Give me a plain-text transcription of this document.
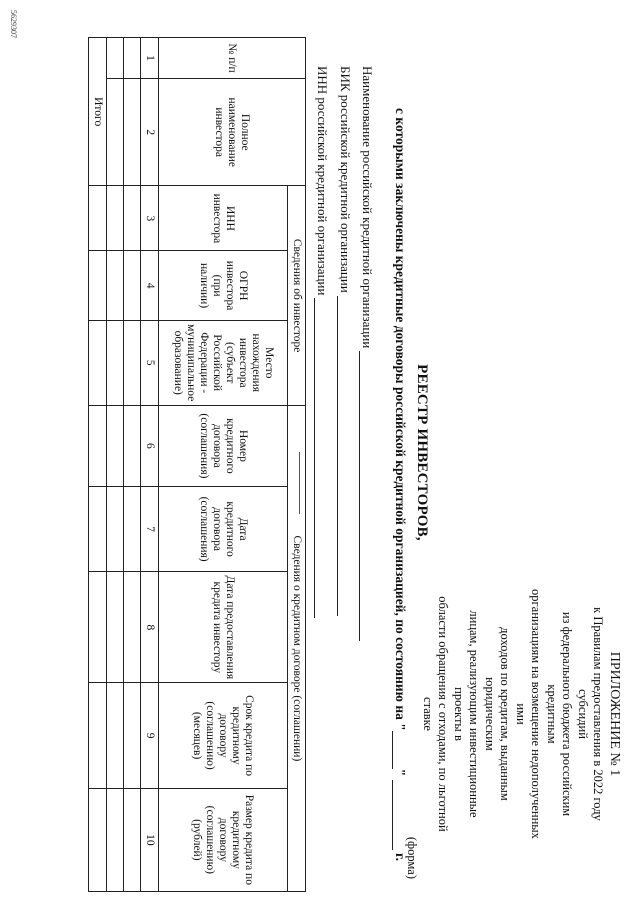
ПРИЛОЖЕНИЕ № 1
к Правилам предоставления в 2022 году субсидий
из федерального бюджета российским кредитным
организациям на возмещение недополученных ими
доходов по кредитам, выданным юридическим
лицам, реализующим инвестиционные проекты в
области обращения с отходами, по льготной ставке
(форма)
РЕЕСТР ИНВЕСТОРОВ,
с которыми заключены кредитные договоры российской кредитной организацией, по состоянию на ""  г.
Наименование российской кредитной организации
БИК российской кредитной организации
ИНН российской кредитной организации
№ п/п	Полное наименование инвестора	Сведения об инвесторе			Сведения о кредитном договоре (соглашении)				
		ИНН инвестора	ОГРН инвестора (при наличии)	Место нахождения инвестора (субъект Российской Федерации - муниципальное образование)	Номер кредитного договора (соглашения)	Дата кредитного договора (соглашения)	Дата предоставления кредита инвестору	Срок кредита по кредитному договору (соглашению) (месяцев)	Размер кредита по кредитному договору (соглашению) (рублей)
1	2	3	4	5	6	7	8	9	10

Итого									
5629307
